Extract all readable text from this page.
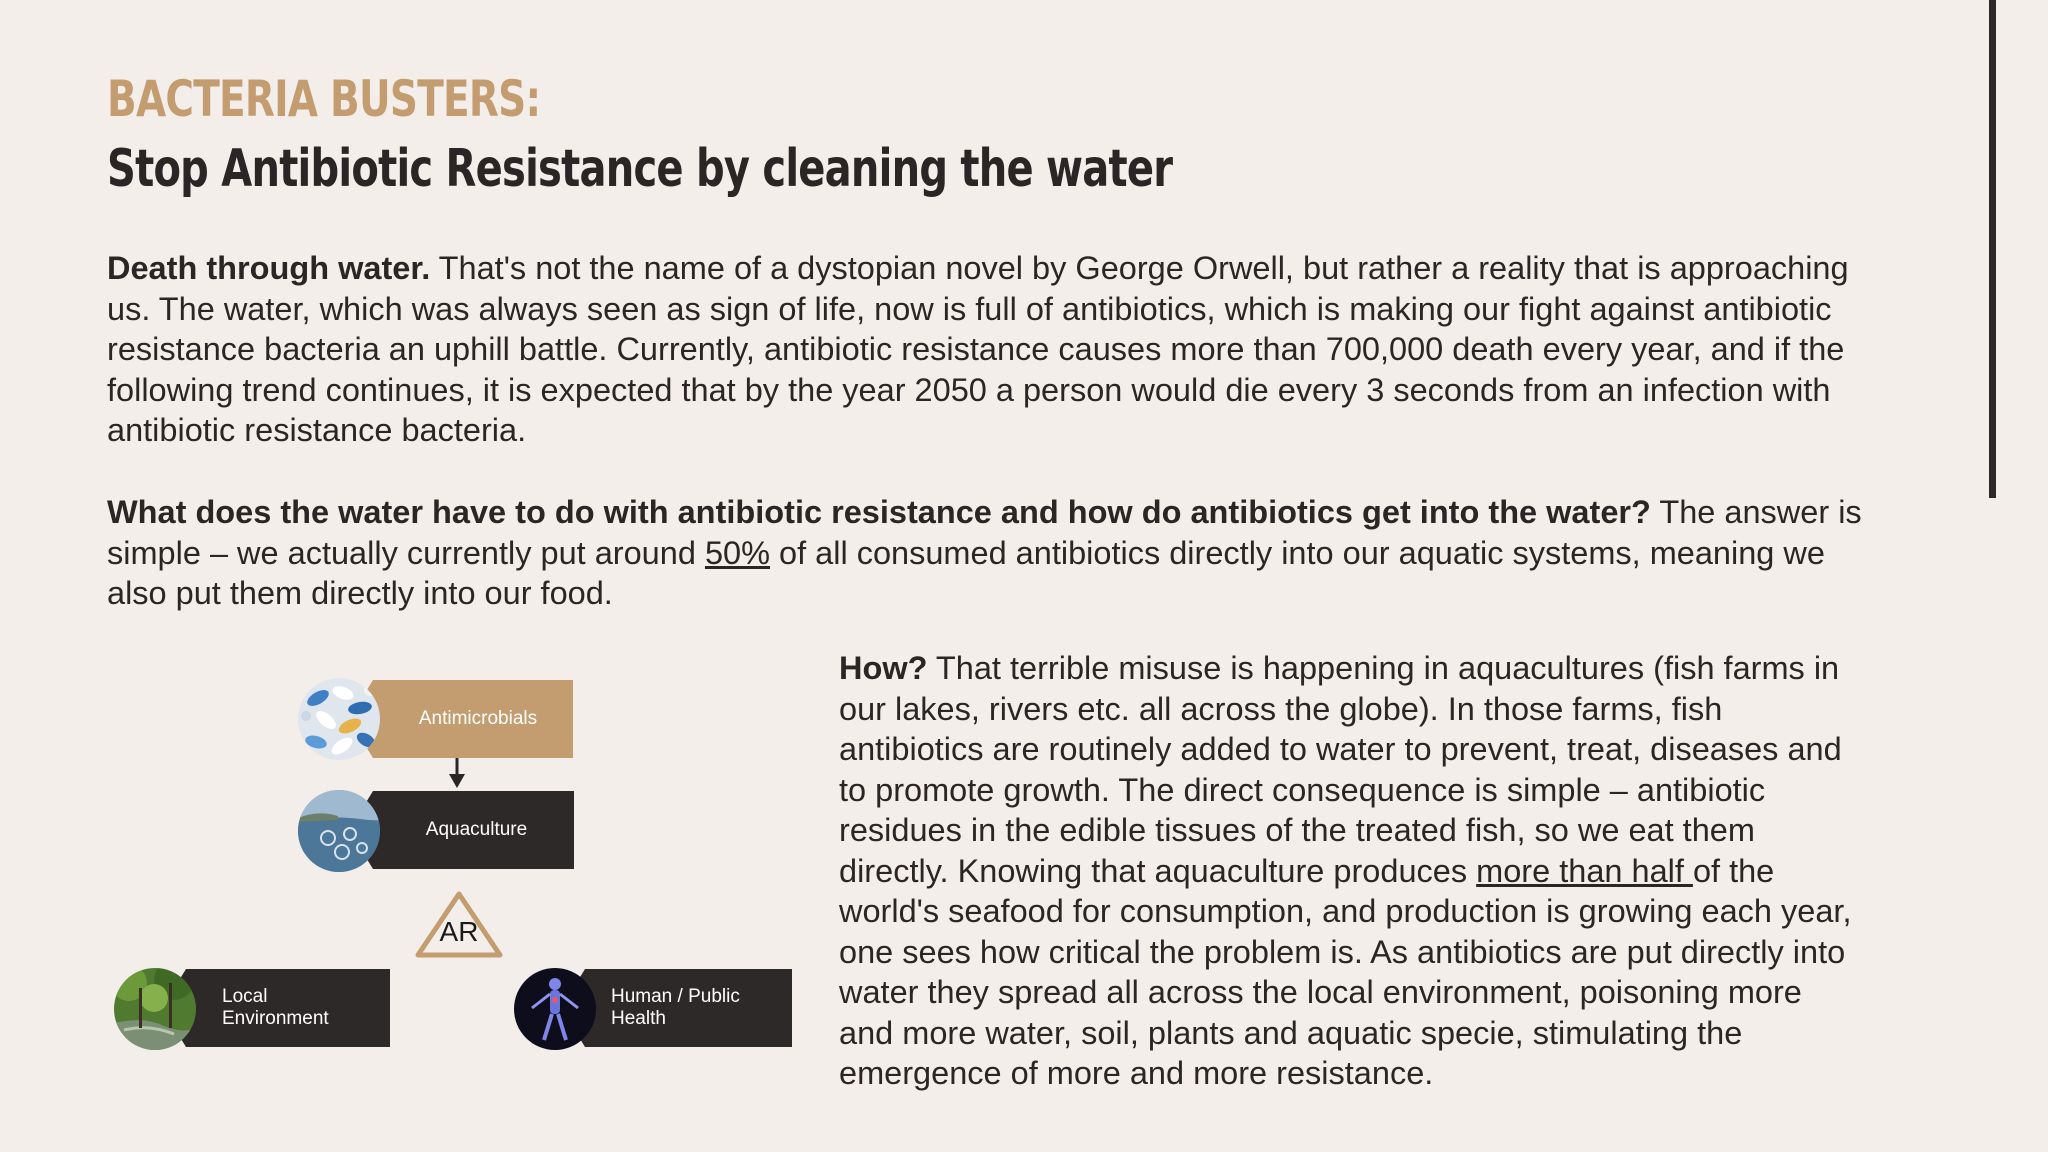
BACTERIA BUSTERS:
Stop Antibiotic Resistance by cleaning the water
Death through water. That's not the name of a dystopian novel by George Orwell, but rather a reality that is approaching us. The water, which was always seen as sign of life, now is full of antibiotics, which is making our fight against antibiotic resistance bacteria an uphill battle. Currently, antibiotic resistance causes more than 700,000 death every year, and if the following trend continues, it is expected that by the year 2050 a person would die every 3 seconds from an infection with antibiotic resistance bacteria.
What does the water have to do with antibiotic resistance and how do antibiotics get into the water? The answer is simple – we actually currently put around 50% of all consumed antibiotics directly into our aquatic systems, meaning we also put them directly into our food.
How? That terrible misuse is happening in aquacultures (fish farms in our lakes, rivers etc. all across the globe). In those farms, fish antibiotics are routinely added to water to prevent, treat, diseases and to promote growth. The direct consequence is simple – antibiotic residues in the edible tissues of the treated fish, so we eat them directly. Knowing that aquaculture produces more than half of the world's seafood for consumption, and production is growing each year, one sees how critical the problem is. As antibiotics are put directly into water they spread all across the local environment, poisoning more and more water, soil, plants and aquatic specie, stimulating the emergence of more and more resistance.
Antimicrobials
Aquaculture
AR
Local
Environment
Human / Public
Health
